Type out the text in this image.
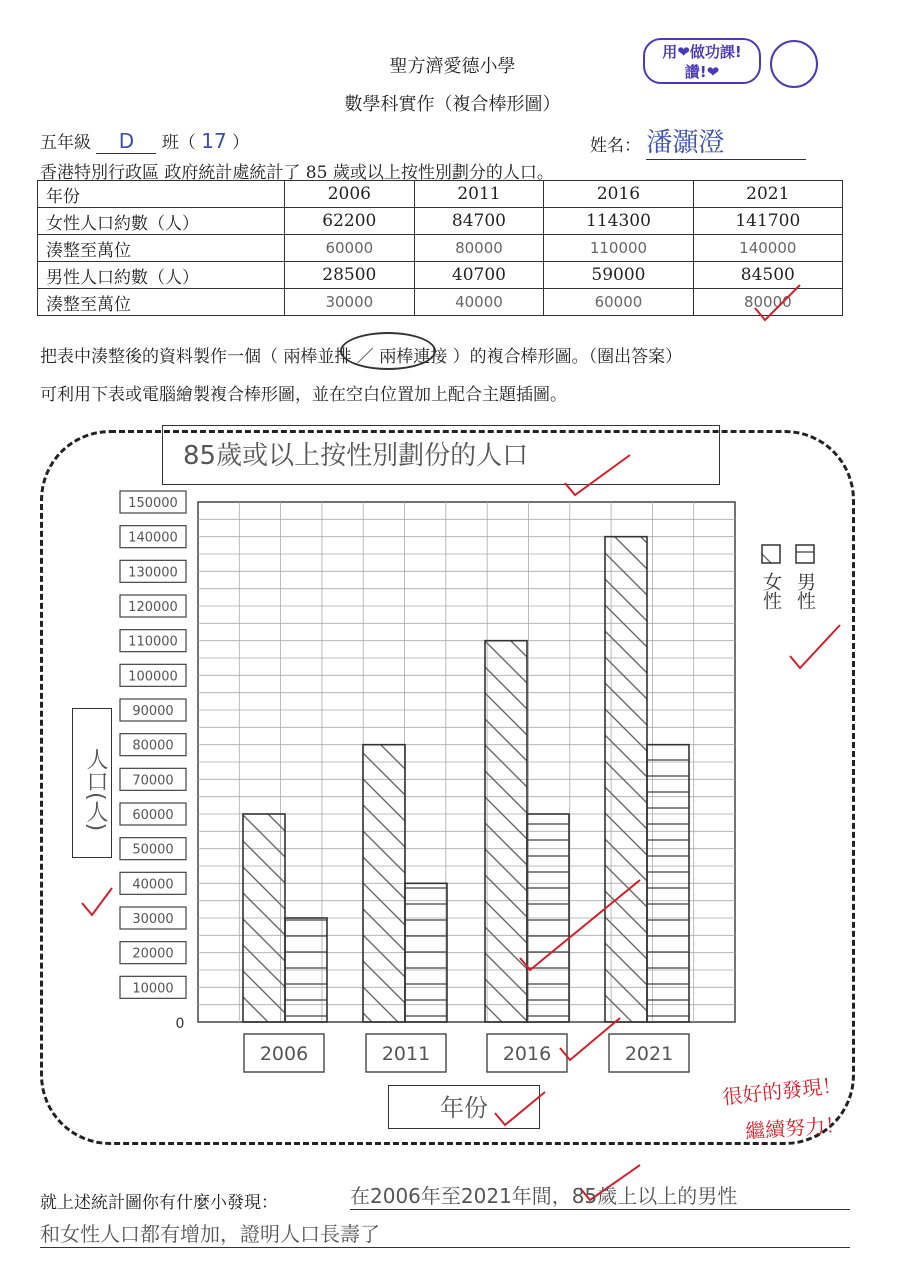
聖方濟愛德小學
數學科實作（複合棒形圖）
用❤做功課!
讚!❤
五年級 D 班（ 17 ）	姓名： 潘灝澄
香港特別行政區 政府統計處統計了 85 歲或以上按性別劃分的人口。
年份	2006	2011	2016	2021
女性人口約數（人）	62200	84700	114300	141700
湊整至萬位	60000	80000	110000	140000
男性人口約數（人）	28500	40700	59000	84500
湊整至萬位	30000	40000	60000	80000
把表中湊整後的資料製作一個（ 兩棒並排 ／ 兩棒連接 ）的複合棒形圖。（圈出答案）
可利用下表或電腦繪製複合棒形圖，並在空白位置加上配合主題插圖。
85歲或以上按性別劃份的人口
人口(人)
年份
0
10000
20000
30000
40000
50000
60000
70000
80000
90000
100000
110000
120000
130000
140000
150000
2006	2011	2016	2021
女性 男性
很好的發現！
繼續努力！
就上述統計圖你有什麼小發現：	在2006年至2021年間，85歲上以上的男性
和女性人口都有增加，證明人口長壽了
